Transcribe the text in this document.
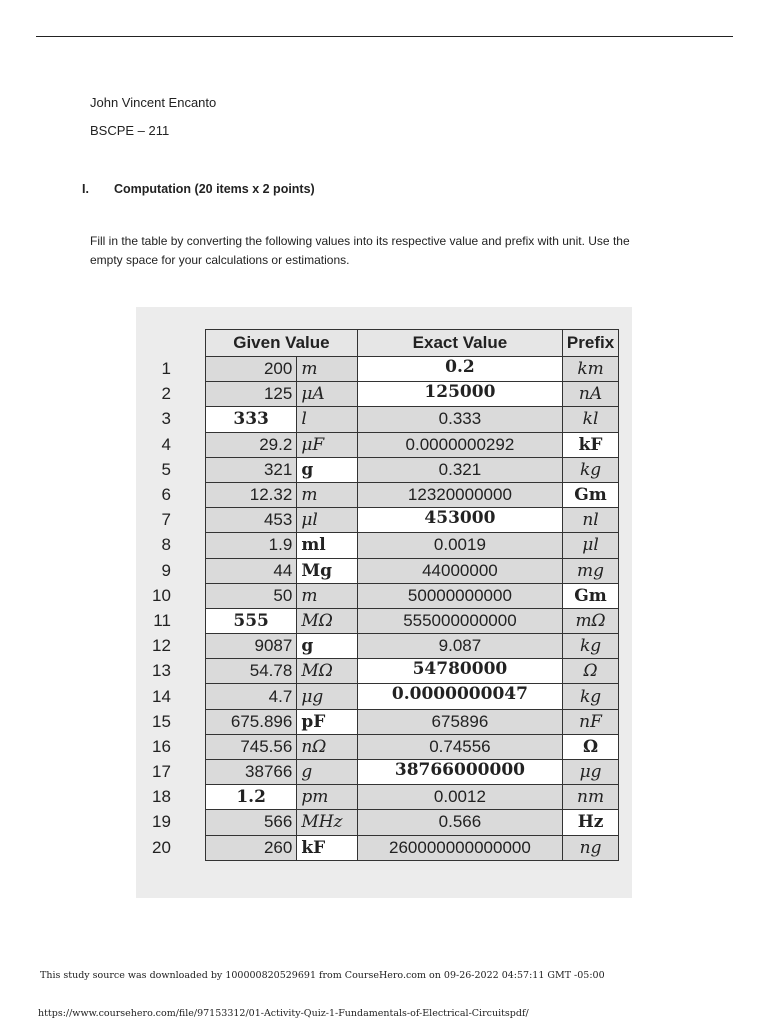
John Vincent Encanto
BSCPE – 211
I. Computation (20 items x 2 points)
Fill in the table by converting the following values into its respective value and prefix with unit. Use the empty space for your calculations or estimations.
	Given Value	Exact Value	Prefix
1	200	m	0.2	km
2	125	μA	125000	nA
3	333	l	0.333	kl
4	29.2	μF	0.0000000292	kF
5	321	g	0.321	kg
6	12.32	m	12320000000	Gm
7	453	μl	453000	nl
8	1.9	ml	0.0019	μl
9	44	Mg	44000000	mg
10	50	m	50000000000	Gm
11	555	MΩ	555000000000	mΩ
12	9087	g	9.087	kg
13	54.78	MΩ	54780000	Ω
14	4.7	μg	0.0000000047	kg
15	675.896	pF	675896	nF
16	745.56	nΩ	0.74556	Ω
17	38766	g	38766000000	μg
18	1.2	pm	0.0012	nm
19	566	MHz	0.566	Hz
20	260	kF	260000000000000	ng
This study source was downloaded by 100000820529691 from CourseHero.com on 09-26-2022 04:57:11 GMT -05:00
https://www.coursehero.com/file/97153312/01-Activity-Quiz-1-Fundamentals-of-Electrical-Circuitspdf/
